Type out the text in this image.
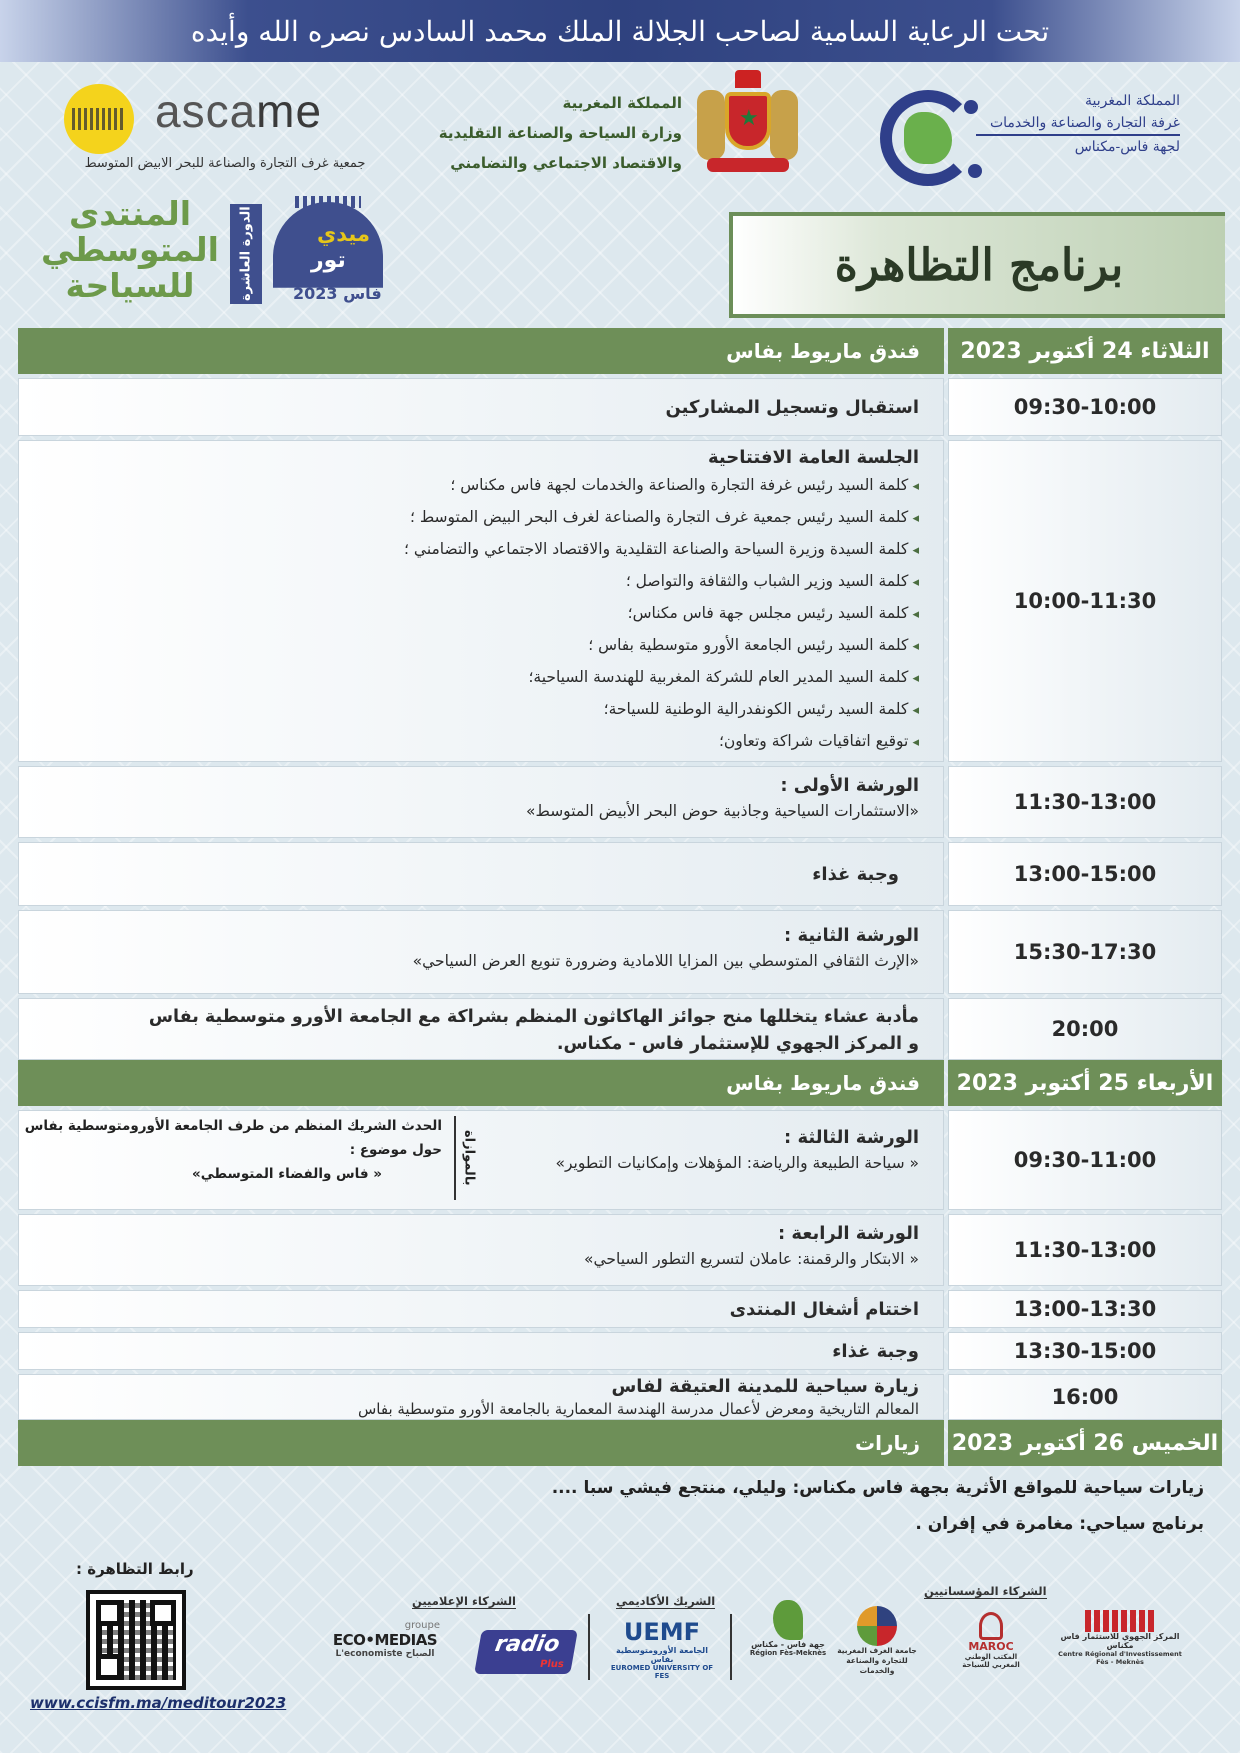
تحت الرعاية السامية لصاحب الجلالة الملك محمد السادس نصره الله وأيده
ascame
جمعية غرف التجارة والصناعة للبحر الابيض المتوسط
المملكة المغربية
وزارة السياحة والصناعة التقليدية
والاقتصاد الاجتماعي والتضامني
★
المملكة المغربية
غرفة التجارة والصناعة والخدمات
لجهة فاس-مكناس
المنتدى
المتوسطي
للسياحة	الدورة العاشرة	ميدي
تور
فاس 2023
برنامج التظاهرة
فندق ماريوط بفاس	الثلاثاء 24 أكتوبر 2023
استقبال وتسجيل المشاركين	09:30-10:00
الجلسة العامة الافتتاحية
◂ كلمة السيد رئيس غرفة التجارة والصناعة والخدمات لجهة فاس مكناس ؛
◂ كلمة السيد رئيس جمعية غرف التجارة والصناعة لغرف البحر البيض المتوسط ؛
◂ كلمة السيدة وزيرة السياحة والصناعة التقليدية والاقتصاد الاجتماعي والتضامني ؛
◂ كلمة السيد وزير الشباب والثقافة والتواصل ؛
◂ كلمة السيد رئيس مجلس جهة فاس مكناس؛
◂ كلمة السيد رئيس الجامعة الأورو متوسطية بفاس ؛
◂ كلمة السيد المدير العام للشركة المغربية للهندسة السياحية؛
◂ كلمة السيد رئيس الكونفدرالية الوطنية للسياحة؛
◂ توقيع اتفاقيات شراكة وتعاون؛
10:00-11:30
الورشة الأولى :
«الاستثمارات السياحية وجاذبية حوض البحر الأبيض المتوسط»	11:30-13:00
وجبة غذاء	13:00-15:00
الورشة الثانية :
«الإرث الثقافي المتوسطي بين المزايا اللامادية وضرورة تنويع العرض السياحي»	15:30-17:30
مأدبة عشاء يتخللها منح جوائز الهاكاثون المنظم بشراكة مع الجامعة الأورو متوسطية بفاس
و المركز الجهوي للإستثمار فاس - مكناس.
20:00
فندق ماريوط بفاس	الأربعاء 25 أكتوبر 2023
الورشة الثالثة :
« سياحة الطبيعة والرياضة: المؤهلات وإمكانيات التطوير»	09:30-11:00
بالموازاة
الحدث الشريك المنظم من طرف الجامعة الأورومتوسطية بفاس
حول موضوع :
« فاس والفضاء المتوسطي»
الورشة الرابعة :
« الابتكار والرقمنة: عاملان لتسريع التطور السياحي»	11:30-13:00
اختتام أشغال المنتدى	13:00-13:30
وجبة غذاء	13:30-15:00
زيارة سياحية للمدينة العتيقة لفاس
المعالم التاريخية ومعرض لأعمال مدرسة الهندسة المعمارية بالجامعة الأورو متوسطية بفاس	16:00
زيارات	الخميس 26 أكتوبر 2023
زيارات سياحية للمواقع الأثرية بجهة فاس مكناس: وليلي، منتجع فيشي سبا ....
برنامج سياحي: مغامرة في إفران .
رابط التظاهرة :
www.ccisfm.ma/meditour2023
الشركاء الإعلاميين	الشريك الأكاديمي
الشركاء المؤسساتيين
groupe
ECO•MEDIAS
L'economiste الصباح	radio
Plus
UEMF
الجامعة الأورومتوسطية بفاس
EUROMED UNIVERSITY OF FES
جهة فاس - مكناس
Région Fès-Meknès	جامعة الغرف المغربية للتجارة والصناعة والخدمات
MAROC
المكتب الوطني المغربي للسياحة
المركز الجهوي للاستثمار فاس مكناس
Centre Régional d'Investissement Fès - Meknès
